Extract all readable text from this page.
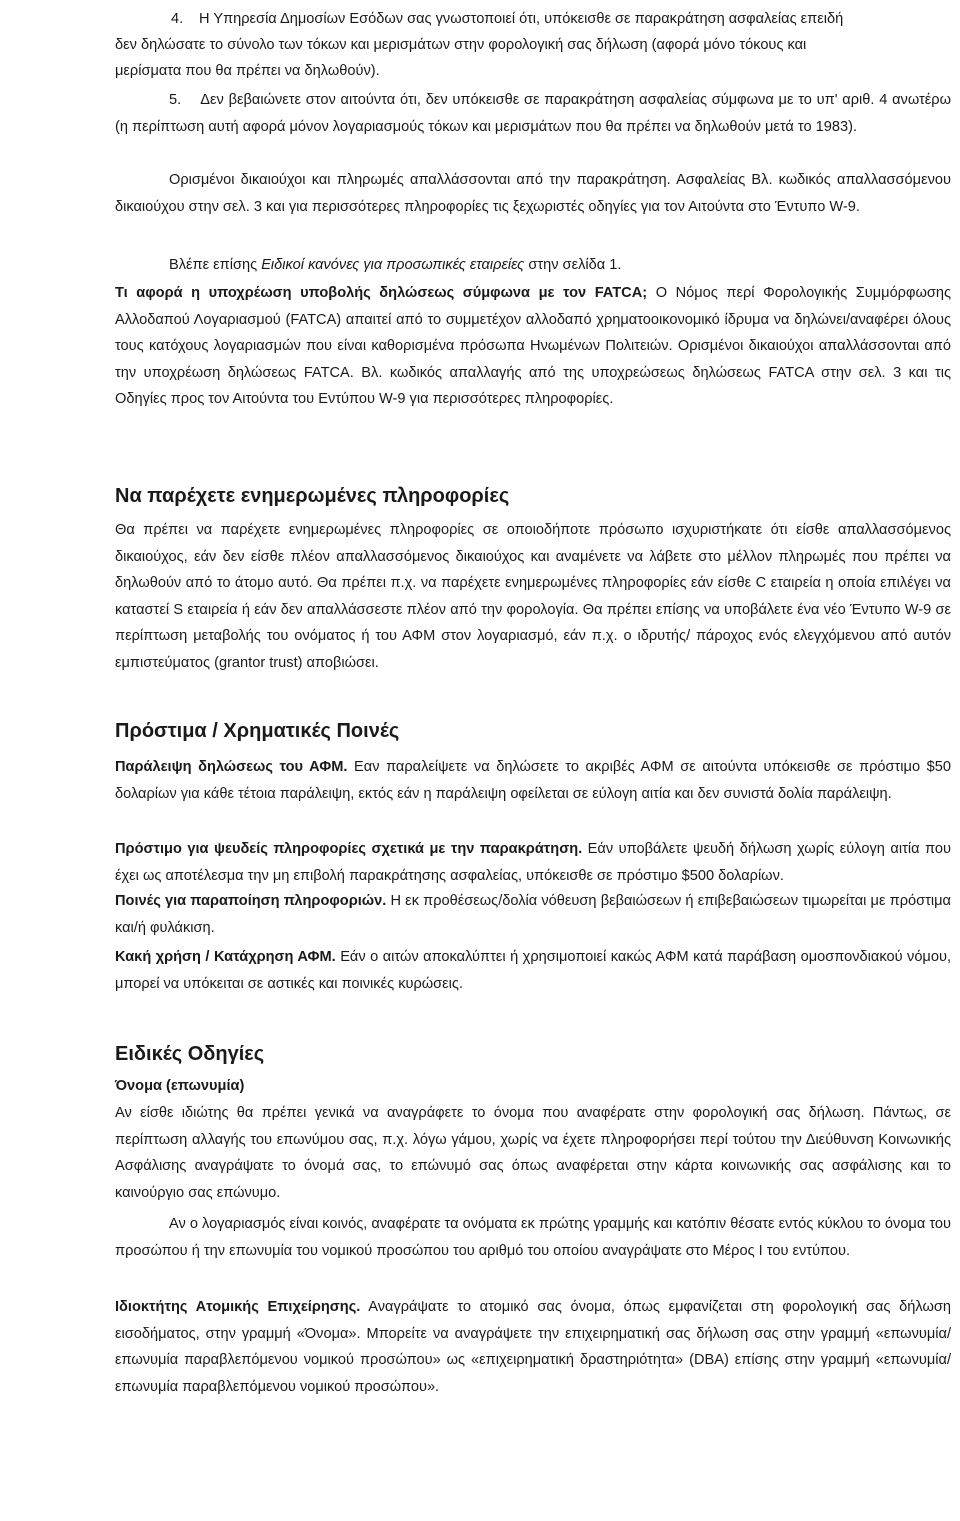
4. Η Υπηρεσία Δημοσίων Εσόδων σας γνωστοποιεί ότι, υπόκεισθε σε παρακράτηση ασφαλείας επειδή
δεν δηλώσατε το σύνολο των τόκων και μερισμάτων στην φορολογική σας δήλωση (αφορά μόνο τόκους και
μερίσματα που θα πρέπει να δηλωθούν).

5. Δεν βεβαιώνετε στον αιτούντα ότι, δεν υπόκεισθε σε παρακράτηση ασφαλείας σύμφωνα με το υπ' αριθ. 4 ανωτέρω (η περίπτωση αυτή αφορά μόνον λογαριασμούς τόκων και μερισμάτων που θα πρέπει να δηλωθούν μετά το 1983).

Ορισμένοι δικαιούχοι και πληρωμές απαλλάσσονται από την παρακράτηση. Ασφαλείας Βλ. κωδικός απαλλασσόμενου δικαιούχου στην σελ. 3 και για περισσότερες πληροφορίες τις ξεχωριστές οδηγίες για τον Αιτούντα στο Έντυπο W-9.

Βλέπε επίσης Ειδικοί κανόνες για προσωπικές εταιρείες στην σελίδα 1.

Τι αφορά η υποχρέωση υποβολής δηλώσεως σύμφωνα με τον FATCA; Ο Νόμος περί Φορολογικής Συμμόρφωσης Αλλοδαπού Λογαριασμού (FATCA) απαιτεί από το συμμετέχον αλλοδαπό χρηματοοικονομικό ίδρυμα να δηλώνει/αναφέρει όλους τους κατόχους λογαριασμών που είναι καθορισμένα πρόσωπα Ηνωμένων Πολιτειών. Ορισμένοι δικαιούχοι απαλλάσσονται από την υποχρέωση δηλώσεως FATCA. Βλ. κωδικός απαλλαγής από της υποχρεώσεως δηλώσεως FATCA στην σελ. 3 και τις Οδηγίες προς τον Αιτούντα του Εντύπου W-9 για περισσότερες πληροφορίες.

Να παρέχετε ενημερωμένες πληροφορίες

Θα πρέπει να παρέχετε ενημερωμένες πληροφορίες σε οποιοδήποτε πρόσωπο ισχυριστήκατε ότι είσθε απαλλασσόμενος δικαιούχος, εάν δεν είσθε πλέον απαλλασσόμενος δικαιούχος και αναμένετε να λάβετε στο μέλλον πληρωμές που πρέπει να δηλωθούν από το άτομο αυτό. Θα πρέπει π.χ. να παρέχετε ενημερωμένες πληροφορίες εάν είσθε C εταιρεία η οποία επιλέγει να καταστεί S εταιρεία ή εάν δεν απαλλάσσεστε πλέον από την φορολογία. Θα πρέπει επίσης να υποβάλετε ένα νέο Έντυπο W-9 σε περίπτωση μεταβολής του ονόματος ή του ΑΦΜ στον λογαριασμό, εάν π.χ. ο ιδρυτής/ πάροχος ενός ελεγχόμενου από αυτόν εμπιστεύματος (grantor trust) αποβιώσει.

Πρόστιμα / Χρηματικές Ποινές

Παράλειψη δηλώσεως του ΑΦΜ. Εαν παραλείψετε να δηλώσετε το ακριβές ΑΦΜ σε αιτούντα υπόκεισθε σε πρόστιμο $50 δολαρίων για κάθε τέτοια παράλειψη, εκτός εάν η παράλειψη οφείλεται σε εύλογη αιτία και δεν συνιστά δολία παράλειψη.

Πρόστιμο για ψευδείς πληροφορίες σχετικά με την παρακράτηση. Εάν υποβάλετε ψευδή δήλωση χωρίς εύλογη αιτία που έχει ως αποτέλεσμα την μη επιβολή παρακράτησης ασφαλείας, υπόκεισθε σε πρόστιμο $500 δολαρίων.

Ποινές για παραποίηση πληροφοριών. Η εκ προθέσεως/δολία νόθευση βεβαιώσεων ή επιβεβαιώσεων τιμωρείται με πρόστιμα και/ή φυλάκιση.

Κακή χρήση / Κατάχρηση ΑΦΜ. Εάν ο αιτών αποκαλύπτει ή χρησιμοποιεί κακώς ΑΦΜ κατά παράβαση ομοσπονδιακού νόμου, μπορεί να υπόκειται σε αστικές και ποινικές κυρώσεις.

Ειδικές Οδηγίες
Όνομα (επωνυμία)

Αν είσθε ιδιώτης θα πρέπει γενικά να αναγράφετε το όνομα που αναφέρατε στην φορολογική σας δήλωση. Πάντως, σε περίπτωση αλλαγής του επωνύμου σας, π.χ. λόγω γάμου, χωρίς να έχετε πληροφορήσει περί τούτου την Διεύθυνση Κοινωνικής Ασφάλισης αναγράψατε το όνομά σας, το επώνυμό σας όπως αναφέρεται στην κάρτα κοινωνικής σας ασφάλισης και το καινούργιο σας επώνυμο.

Αν ο λογαριασμός είναι κοινός, αναφέρατε τα ονόματα εκ πρώτης γραμμής και κατόπιν θέσατε εντός κύκλου το όνομα του προσώπου ή την επωνυμία του νομικού προσώπου του αριθμό του οποίου αναγράψατε στο Μέρος Ι του εντύπου.

Ιδιοκτήτης Ατομικής Επιχείρησης. Αναγράψατε το ατομικό σας όνομα, όπως εμφανίζεται στη φορολογική σας δήλωση εισοδήματος, στην γραμμή «Όνομα». Μπορείτε να αναγράψετε την επιχειρηματική σας δήλωση σας στην γραμμή «επωνυμία/επωνυμία παραβλεπόμενου νομικού προσώπου» ως «επιχειρηματική δραστηριότητα» (DBA) επίσης στην γραμμή «επωνυμία/επωνυμία παραβλεπόμενου νομικού προσώπου».
